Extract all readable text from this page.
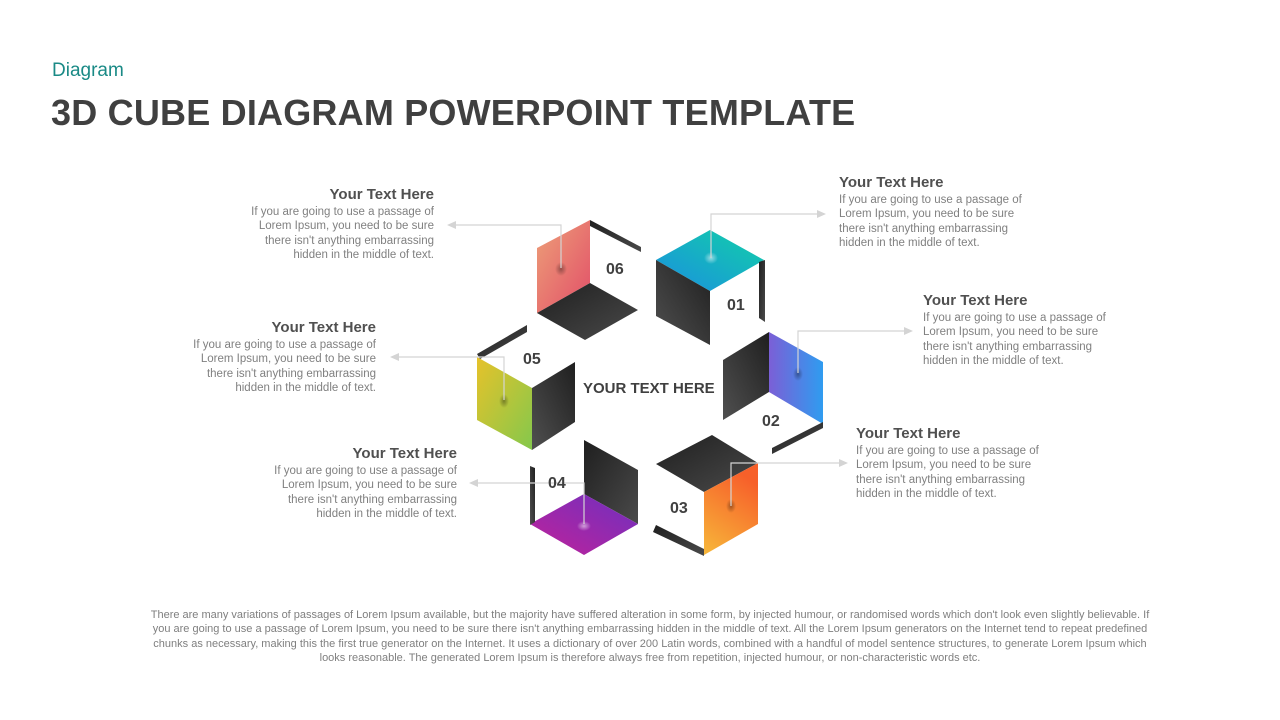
Diagram
3D CUBE DIAGRAM POWERPOINT TEMPLATE
06
01
02
03
04
05
YOUR TEXT HERE
Your Text Here
If you are going to use a passage of
Lorem Ipsum, you need to be sure
there isn't anything embarrassing
hidden in the middle of text.
Your Text Here
If you are going to use a passage of
Lorem Ipsum, you need to be sure
there isn't anything embarrassing
hidden in the middle of text.
Your Text Here
If you are going to use a passage of
Lorem Ipsum, you need to be sure
there isn't anything embarrassing
hidden in the middle of text.
Your Text Here
If you are going to use a passage of
Lorem Ipsum, you need to be sure
there isn't anything embarrassing
hidden in the middle of text.
Your Text Here
If you are going to use a passage of
Lorem Ipsum, you need to be sure
there isn't anything embarrassing
hidden in the middle of text.
Your Text Here
If you are going to use a passage of
Lorem Ipsum, you need to be sure
there isn't anything embarrassing
hidden in the middle of text.
There are many variations of passages of Lorem Ipsum available, but the majority have suffered alteration in some form, by injected humour, or randomised words which don't look even slightly believable. If
you are going to use a passage of Lorem Ipsum, you need to be sure there isn't anything embarrassing hidden in the middle of text. All the Lorem Ipsum generators on the Internet tend to repeat predefined
chunks as necessary, making this the first true generator on the Internet. It uses a dictionary of over 200 Latin words, combined with a handful of model sentence structures, to generate Lorem Ipsum which
looks reasonable. The generated Lorem Ipsum is therefore always free from repetition, injected humour, or non-characteristic words etc.
